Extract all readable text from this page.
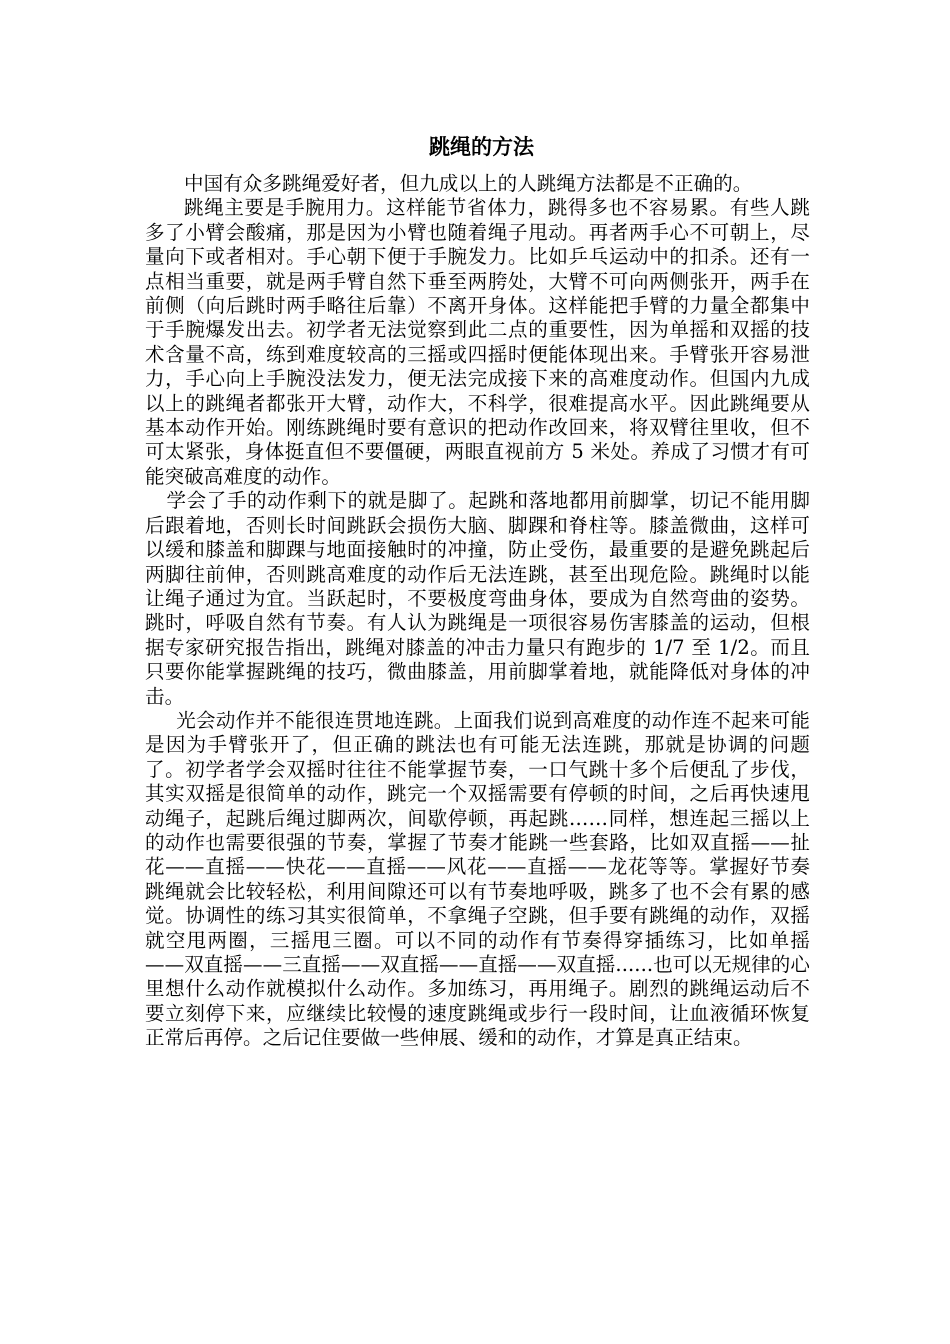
跳绳的方法

中国有众多跳绳爱好者，但九成以上的人跳绳方法都是不正确的。

跳绳主要是手腕用力。这样能节省体力，跳得多也不容易累。有些人跳多了小臂会酸痛，那是因为小臂也随着绳子甩动。再者两手心不可朝上，尽量向下或者相对。手心朝下便于手腕发力。比如乒乓运动中的扣杀。还有一点相当重要，就是两手臂自然下垂至两胯处，大臂不可向两侧张开，两手在前侧（向后跳时两手略往后靠）不离开身体。这样能把手臂的力量全都集中于手腕爆发出去。初学者无法觉察到此二点的重要性，因为单摇和双摇的技术含量不高，练到难度较高的三摇或四摇时便能体现出来。手臂张开容易泄力，手心向上手腕没法发力，便无法完成接下来的高难度动作。但国内九成以上的跳绳者都张开大臂，动作大，不科学，很难提高水平。因此跳绳要从基本动作开始。刚练跳绳时要有意识的把动作改回来，将双臂往里收，但不可太紧张，身体挺直但不要僵硬，两眼直视前方 5 米处。养成了习惯才有可能突破高难度的动作。

学会了手的动作剩下的就是脚了。起跳和落地都用前脚掌，切记不能用脚后跟着地，否则长时间跳跃会损伤大脑、脚踝和脊柱等。膝盖微曲，这样可以缓和膝盖和脚踝与地面接触时的冲撞，防止受伤，最重要的是避免跳起后两脚往前伸，否则跳高难度的动作后无法连跳，甚至出现危险。跳绳时以能让绳子通过为宜。当跃起时，不要极度弯曲身体，要成为自然弯曲的姿势。跳时，呼吸自然有节奏。有人认为跳绳是一项很容易伤害膝盖的运动，但根据专家研究报告指出，跳绳对膝盖的冲击力量只有跑步的 1/7 至 1/2。而且只要你能掌握跳绳的技巧，微曲膝盖，用前脚掌着地，就能降低对身体的冲击。

光会动作并不能很连贯地连跳。上面我们说到高难度的动作连不起来可能是因为手臂张开了，但正确的跳法也有可能无法连跳，那就是协调的问题了。初学者学会双摇时往往不能掌握节奏，一口气跳十多个后便乱了步伐，其实双摇是很简单的动作，跳完一个双摇需要有停顿的时间，之后再快速甩动绳子，起跳后绳过脚两次，间歇停顿，再起跳……同样，想连起三摇以上的动作也需要很强的节奏，掌握了节奏才能跳一些套路，比如双直摇——扯花——直摇——快花——直摇——风花——直摇——龙花等等。掌握好节奏跳绳就会比较轻松，利用间隙还可以有节奏地呼吸，跳多了也不会有累的感觉。协调性的练习其实很简单，不拿绳子空跳，但手要有跳绳的动作，双摇就空甩两圈，三摇甩三圈。可以不同的动作有节奏得穿插练习，比如单摇——双直摇——三直摇——双直摇——直摇——双直摇......也可以无规律的心里想什么动作就模拟什么动作。多加练习，再用绳子。剧烈的跳绳运动后不要立刻停下来，应继续比较慢的速度跳绳或步行一段时间，让血液循环恢复正常后再停。之后记住要做一些伸展、缓和的动作，才算是真正结束。
